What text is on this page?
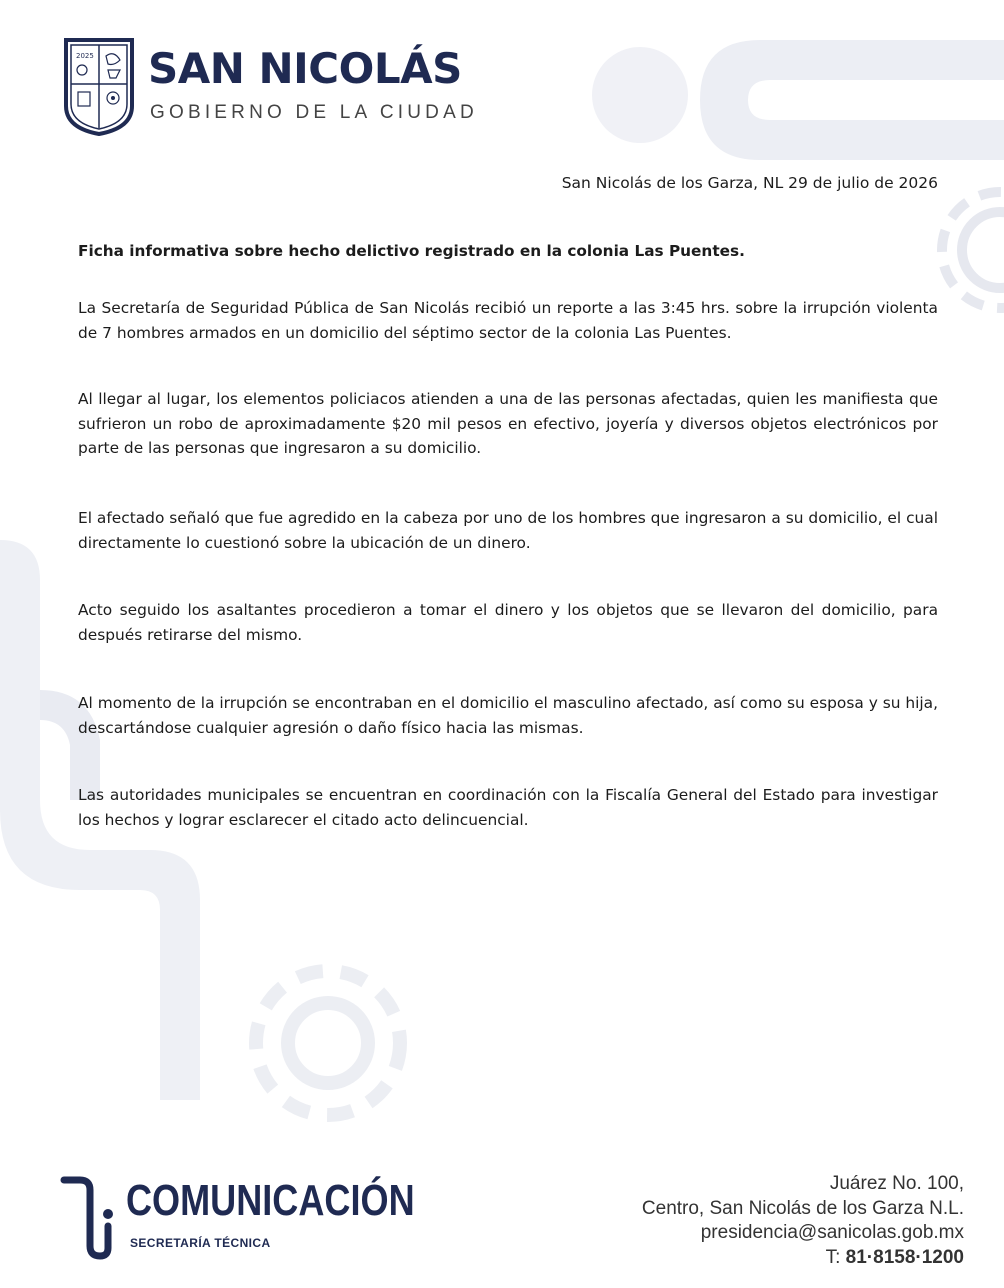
2025 SAN NICOLÁS
GOBIERNO DE LA CIUDAD
San Nicolás de los Garza, NL 29 de julio de 2026
Ficha informativa sobre hecho delictivo registrado en la colonia Las Puentes.

La Secretaría de Seguridad Pública de San Nicolás recibió un reporte a las 3:45 hrs. sobre la irrupción violenta de 7 hombres armados en un domicilio del séptimo sector de la colonia Las Puentes.

Al llegar al lugar, los elementos policiacos atienden a una de las personas afectadas, quien les manifiesta que sufrieron un robo de aproximadamente $20 mil pesos en efectivo, joyería y diversos objetos electrónicos por parte de las personas que ingresaron a su domicilio.

El afectado señaló que fue agredido en la cabeza por uno de los hombres que ingresaron a su domicilio, el cual directamente lo cuestionó sobre la ubicación de un dinero.

Acto seguido los asaltantes procedieron a tomar el dinero y los objetos que se llevaron del domicilio, para después retirarse del mismo.

Al momento de la irrupción se encontraban en el domicilio el masculino afectado, así como su esposa y su hija, descartándose cualquier agresión o daño físico hacia las mismas.

Las autoridades municipales se encuentran en coordinación con la Fiscalía General del Estado para investigar los hechos y lograr esclarecer el citado acto delincuencial.

COMUNICACIÓN
SECRETARÍA TÉCNICA
Juárez No. 100,
Centro, San Nicolás de los Garza N.L.
presidencia@sanicolas.gob.mx
T: 81·8158·1200
